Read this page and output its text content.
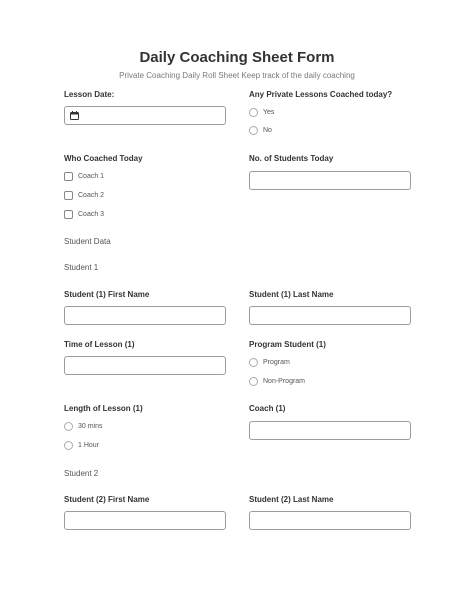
Daily Coaching Sheet Form
Private Coaching Daily Roll Sheet Keep track of the daily coaching
Lesson Date:	Any Private Lessons Coached today?
Yes
No
Who Coached Today
Coach 1
Coach 2
Coach 3
No. of Students Today
Student Data
Student 1
Student (1) First Name	Student (1) Last Name
Time of Lesson (1)	Program Student (1)
Program
Non-Program
Length of Lesson (1)
30 mins
1 Hour
Coach (1)
Student 2
Student (2) First Name	Student (2) Last Name
